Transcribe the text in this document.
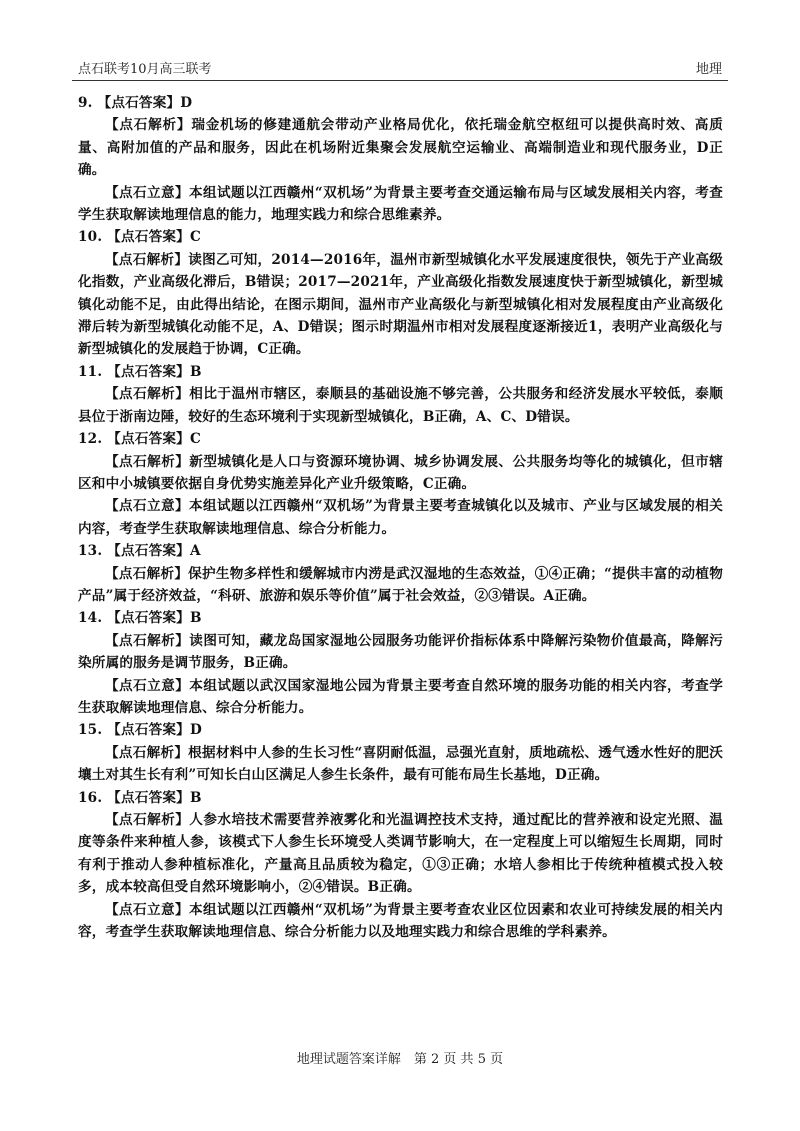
点石联考10月高三联考	地理

9. 【点石答案】D

【点石解析】瑞金机场的修建通航会带动产业格局优化，依托瑞金航空枢纽可以提供高时效、高质量、高附加值的产品和服务，因此在机场附近集聚会发展航空运输业、高端制造业和现代服务业，D正确。

【点石立意】本组试题以江西赣州“双机场”为背景主要考查交通运输布局与区域发展相关内容，考查学生获取解读地理信息的能力，地理实践力和综合思维素养。

10. 【点石答案】C

【点石解析】读图乙可知，2014—2016年，温州市新型城镇化水平发展速度很快，领先于产业高级化指数，产业高级化滞后，B错误；2017—2021年，产业高级化指数发展速度快于新型城镇化，新型城镇化动能不足，由此得出结论，在图示期间，温州市产业高级化与新型城镇化相对发展程度由产业高级化滞后转为新型城镇化动能不足，A、D错误；图示时期温州市相对发展程度逐渐接近1，表明产业高级化与新型城镇化的发展趋于协调，C正确。

11. 【点石答案】B

【点石解析】相比于温州市辖区，泰顺县的基础设施不够完善，公共服务和经济发展水平较低，泰顺县位于浙南边陲，较好的生态环境利于实现新型城镇化，B正确，A、C、D错误。

12. 【点石答案】C

【点石解析】新型城镇化是人口与资源环境协调、城乡协调发展、公共服务均等化的城镇化，但市辖区和中小城镇要依据自身优势实施差异化产业升级策略，C正确。

【点石立意】本组试题以江西赣州“双机场”为背景主要考查城镇化以及城市、产业与区域发展的相关内容，考查学生获取解读地理信息、综合分析能力。

13. 【点石答案】A

【点石解析】保护生物多样性和缓解城市内涝是武汉湿地的生态效益，①④正确；“提供丰富的动植物产品”属于经济效益，“科研、旅游和娱乐等价值”属于社会效益，②③错误。A正确。

14. 【点石答案】B

【点石解析】读图可知，藏龙岛国家湿地公园服务功能评价指标体系中降解污染物价值最高，降解污染所属的服务是调节服务，B正确。

【点石立意】本组试题以武汉国家湿地公园为背景主要考查自然环境的服务功能的相关内容，考查学生获取解读地理信息、综合分析能力。

15. 【点石答案】D

【点石解析】根据材料中人参的生长习性“喜阴耐低温，忌强光直射，质地疏松、透气透水性好的肥沃壤土对其生长有利”可知长白山区满足人参生长条件，最有可能布局生长基地，D正确。

16. 【点石答案】B

【点石解析】人参水培技术需要营养液雾化和光温调控技术支持，通过配比的营养液和设定光照、温度等条件来种植人参，该模式下人参生长环境受人类调节影响大，在一定程度上可以缩短生长周期，同时有利于推动人参种植标准化，产量高且品质较为稳定，①③正确；水培人参相比于传统种植模式投入较多，成本较高但受自然环境影响小，②④错误。B正确。

【点石立意】本组试题以江西赣州“双机场”为背景主要考查农业区位因素和农业可持续发展的相关内容，考查学生获取解读地理信息、综合分析能力以及地理实践力和综合思维的学科素养。

地理试题答案详解　第 2 页 共 5 页
